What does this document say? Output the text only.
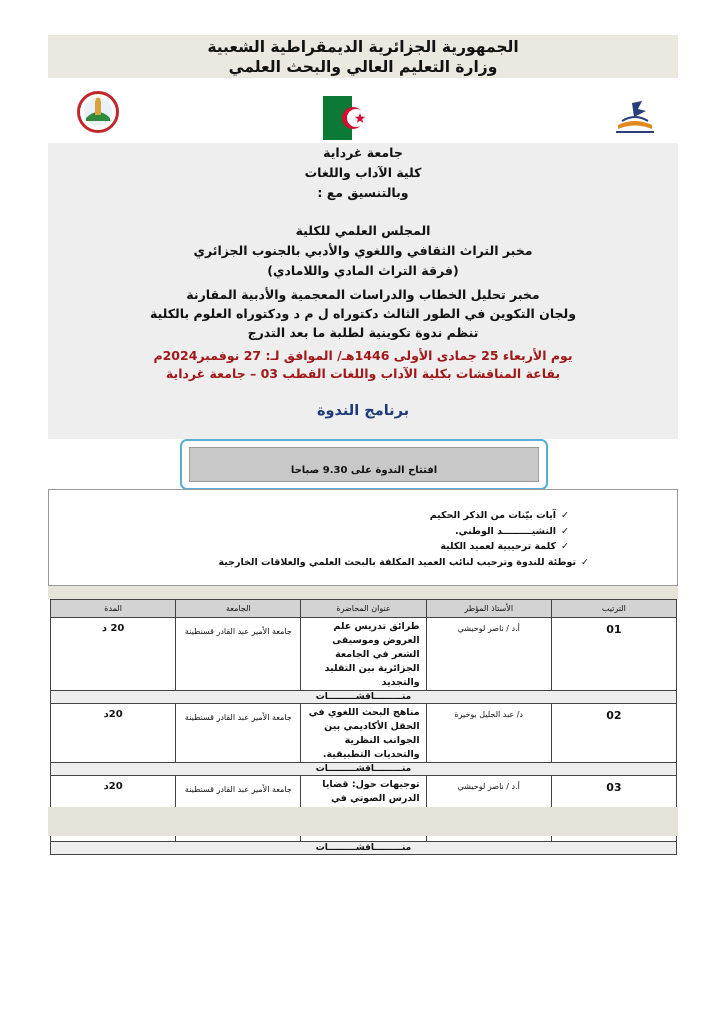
الجمهورية الجزائرية الديمقراطية الشعبية
وزارة التعليم العالي والبحث العلمي
جامعة غرداية
كلية الآداب واللغات
وبالتنسيق مع :
المجلس العلمي للكلية
مخبر التراث الثقافي واللغوي والأدبي بالجنوب الجزائري
(فرقة التراث المادي واللامادي)
مخبر تحليل الخطاب والدراسات المعجمية والأدبية المقارنة
ولجان التكوين في الطور الثالث دكتوراه ل م د ودكتوراه العلوم بالكلية
تنظم ندوة تكوينية لطلبة ما بعد التدرج
يوم الأربعاء 25 جمادى الأولى 1446هـ/ الموافق لـ: 27 نوفمبر2024م
بقاعة المناقشات بكلية الآداب واللغات القطب 03 – جامعة غرداية
برنامج الندوة
افتتاح الندوة على 9.30 صباحا
✓آيات بيّنات من الذكر الحكيم
✓النشيـــــــــد الوطني.
✓كلمة ترحيبية لعميد الكلية
✓توطئة للندوة وترحيب لنائب العميد المكلفة بالبحث العلمي والعلاقات الخارجية
الترتيب	الأستاذ المؤطر	عنوان المحاضرة	الجامعة	المدة
01	أ.د / ناصر لوحيشي	طرائق تدريس علم العروض وموسيقى الشعر في الجامعة الجزائرية بين التقليد والتجديد	جامعة الأمير عبد القادر قسنطينة	20 د
منـــــــــاقشـــــــــات				
02	د/ عبد الجليل بوخيرة	مناهج البحث اللغوي في الحقل الأكاديمي بين الجوانب النظرية والتحديات التطبيقية.	جامعة الأمير عبد القادر قسنطينة	20د
منـــــــــاقشـــــــــات				
03	أ.د / ناصر لوحيشي	توجيهات حول: قضايا الدرس الصوتي في	جامعة الأمير عبد القادر قسنطينة	20د
منـــــــــاقشـــــــــات				
